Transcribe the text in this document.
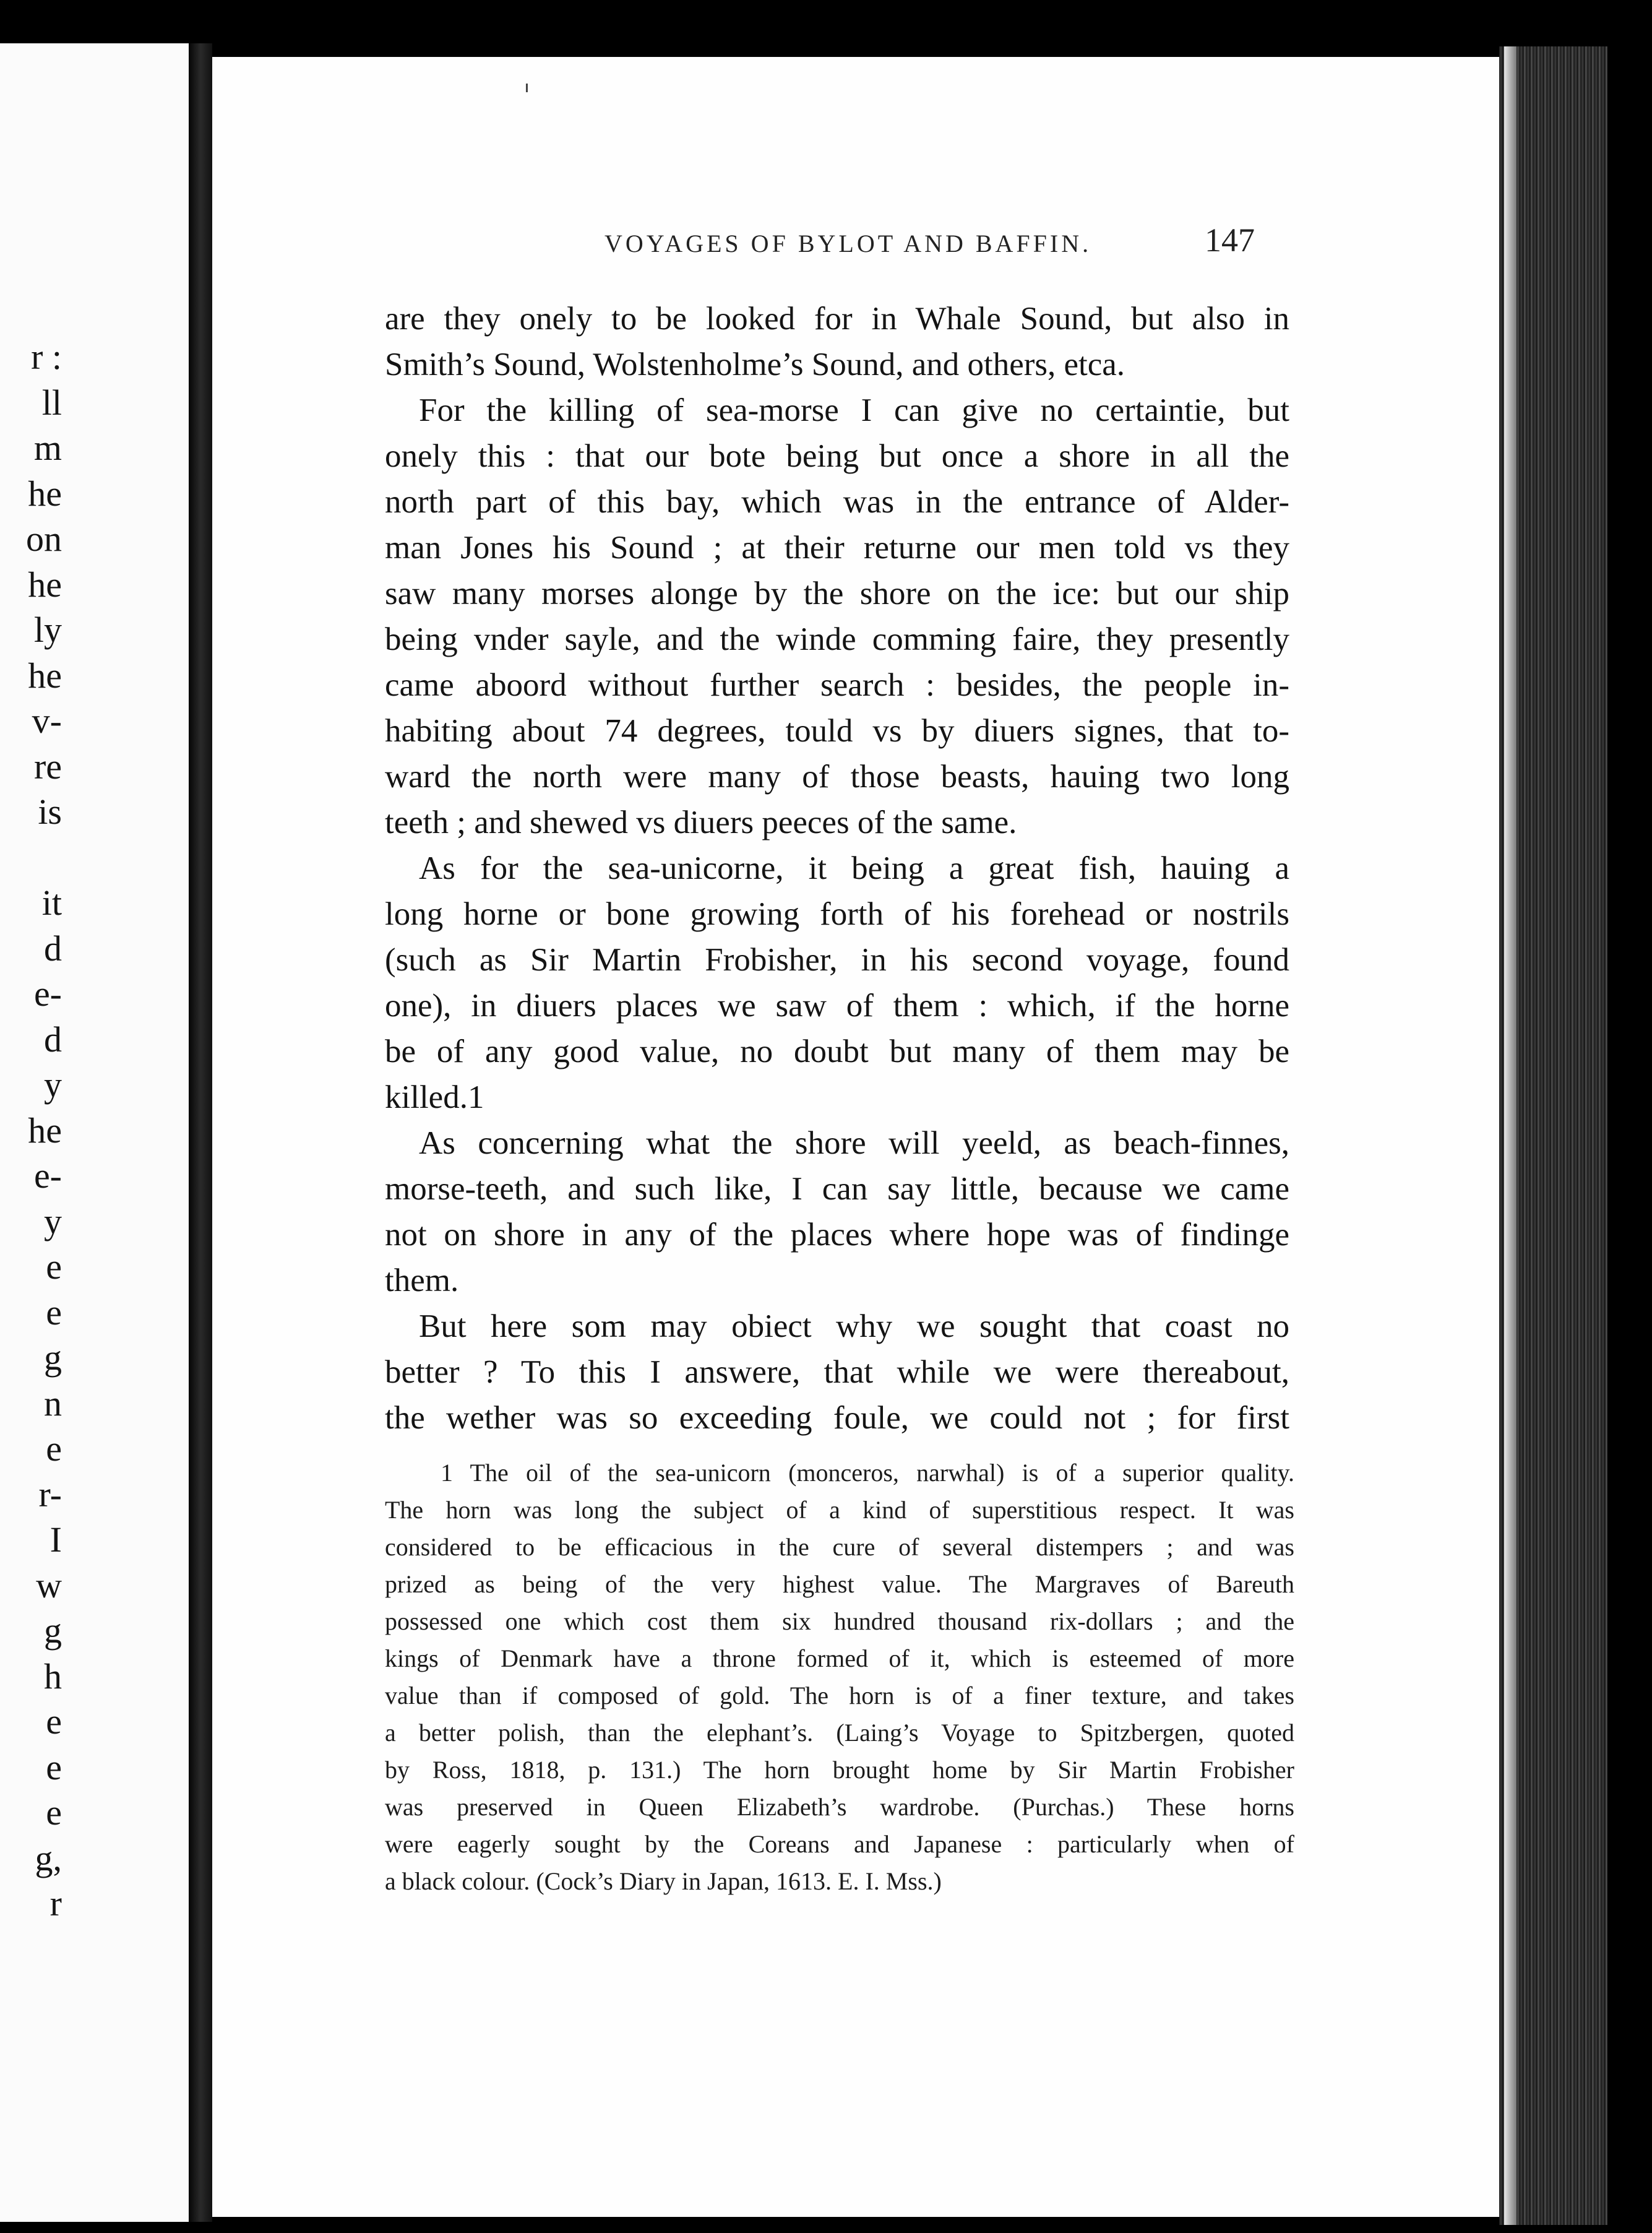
r :
ll
m
he
on
he
ly
he
v-
re
is
it
d
e-
d
y
he
e-
y
e
e
g
n
e
r-
I
w
g
h
e
e
e
g,
r
VOYAGES OF BYLOT AND BAFFIN.	147
are they onely to be looked for in Whale Sound, but also in
Smith’s Sound, Wolstenholme’s Sound, and others, etca.
For the killing of sea-morse I can give no certaintie, but
onely this : that our bote being but once a shore in all the
north part of this bay, which was in the entrance of Alder-
man Jones his Sound ; at their returne our men told vs they
saw many morses alonge by the shore on the ice: but our ship
being vnder sayle, and the winde comming faire, they presently
came aboord without further search : besides, the people in-
habiting about 74 degrees, tould vs by diuers signes, that to-
ward the north were many of those beasts, hauing two long
teeth ; and shewed vs diuers peeces of the same.
As for the sea-unicorne, it being a great fish, hauing a
long horne or bone growing forth of his forehead or nostrils
(such as Sir Martin Frobisher, in his second voyage, found
one), in diuers places we saw of them : which, if the horne
be of any good value, no doubt but many of them may be
killed.1
As concerning what the shore will yeeld, as beach-finnes,
morse-teeth, and such like, I can say little, because we came
not on shore in any of the places where hope was of findinge
them.
But here som may obiect why we sought that coast no
better ? To this I answere, that while we were thereabout,
the wether was so exceeding foule, we could not ; for first
1 The oil of the sea-unicorn (monceros, narwhal) is of a superior quality.
The horn was long the subject of a kind of superstitious respect. It was
considered to be efficacious in the cure of several distempers ; and was
prized as being of the very highest value. The Margraves of Bareuth
possessed one which cost them six hundred thousand rix-dollars ; and the
kings of Denmark have a throne formed of it, which is esteemed of more
value than if composed of gold. The horn is of a finer texture, and takes
a better polish, than the elephant’s. (Laing’s Voyage to Spitzbergen, quoted
by Ross, 1818, p. 131.) The horn brought home by Sir Martin Frobisher
was preserved in Queen Elizabeth’s wardrobe. (Purchas.) These horns
were eagerly sought by the Coreans and Japanese : particularly when of
a black colour. (Cock’s Diary in Japan, 1613. E. I. Mss.)
